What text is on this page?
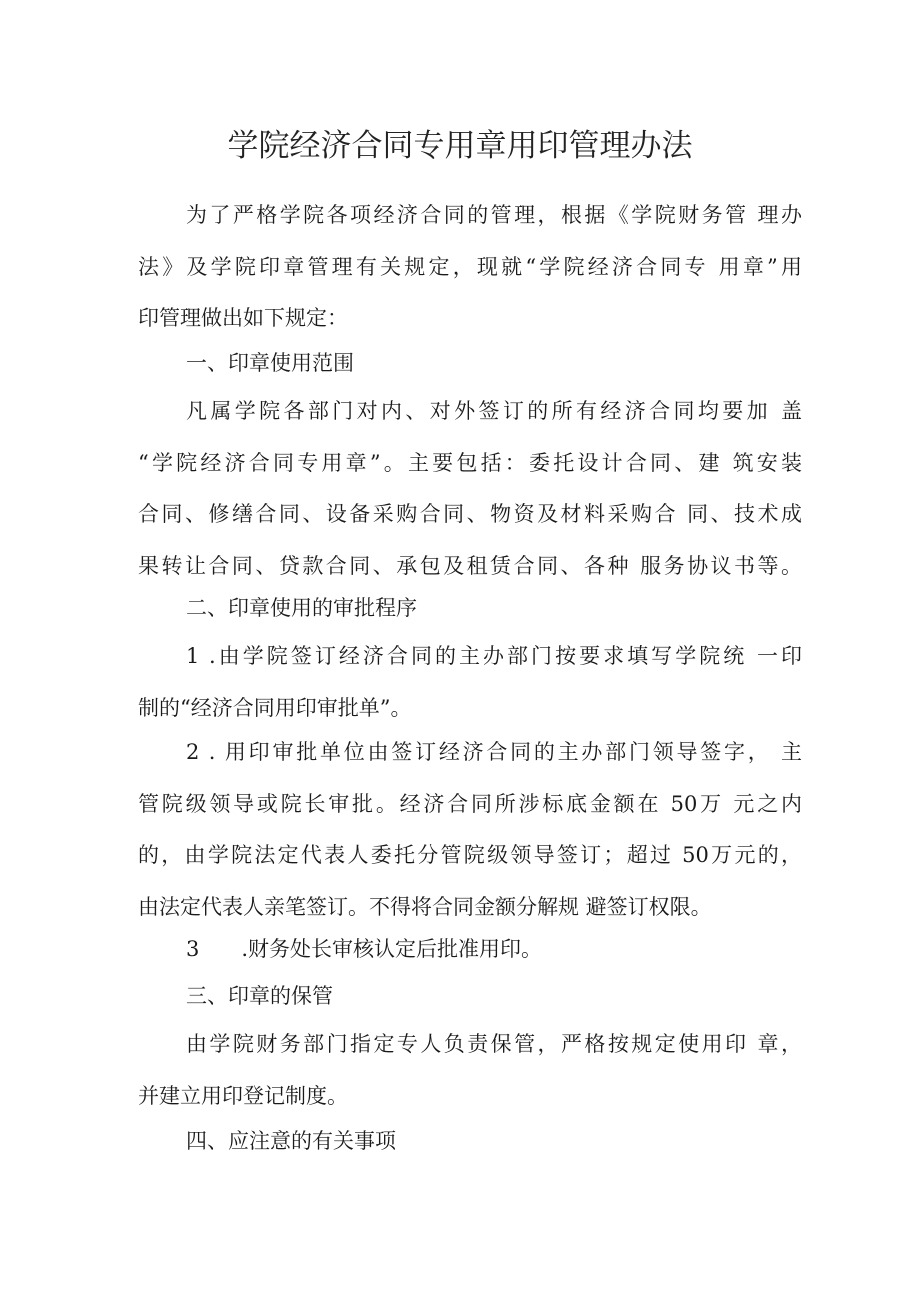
学院经济合同专用章用印管理办法
为了严格学院各项经济合同的管理，根据《学院财务管 理办
法》及学院印章管理有关规定，现就“学院经济合同专 用章”用
印管理做出如下规定：
一、印章使用范围
凡属学院各部门对内、对外签订的所有经济合同均要加 盖
“学院经济合同专用章”。主要包括：委托设计合同、建 筑安装
合同、修缮合同、设备采购合同、物资及材料采购合 同、技术成
果转让合同、贷款合同、承包及租赁合同、各种 服务协议书等。
二、印章使用的审批程序
1 .由学院签订经济合同的主办部门按要求填写学院统 一印
制的“经济合同用印审批单”。
2 . 用印审批单位由签订经济合同的主办部门领导签字， 主
管院级领导或院长审批。经济合同所涉标底金额在 50万 元之内
的，由学院法定代表人委托分管院级领导签订；超过 50万元的，
由法定代表人亲笔签订。不得将合同金额分解规 避签订权限。
3　　.财务处长审核认定后批准用印。
三、印章的保管
由学院财务部门指定专人负责保管，严格按规定使用印 章，
并建立用印登记制度。
四、应注意的有关事项
